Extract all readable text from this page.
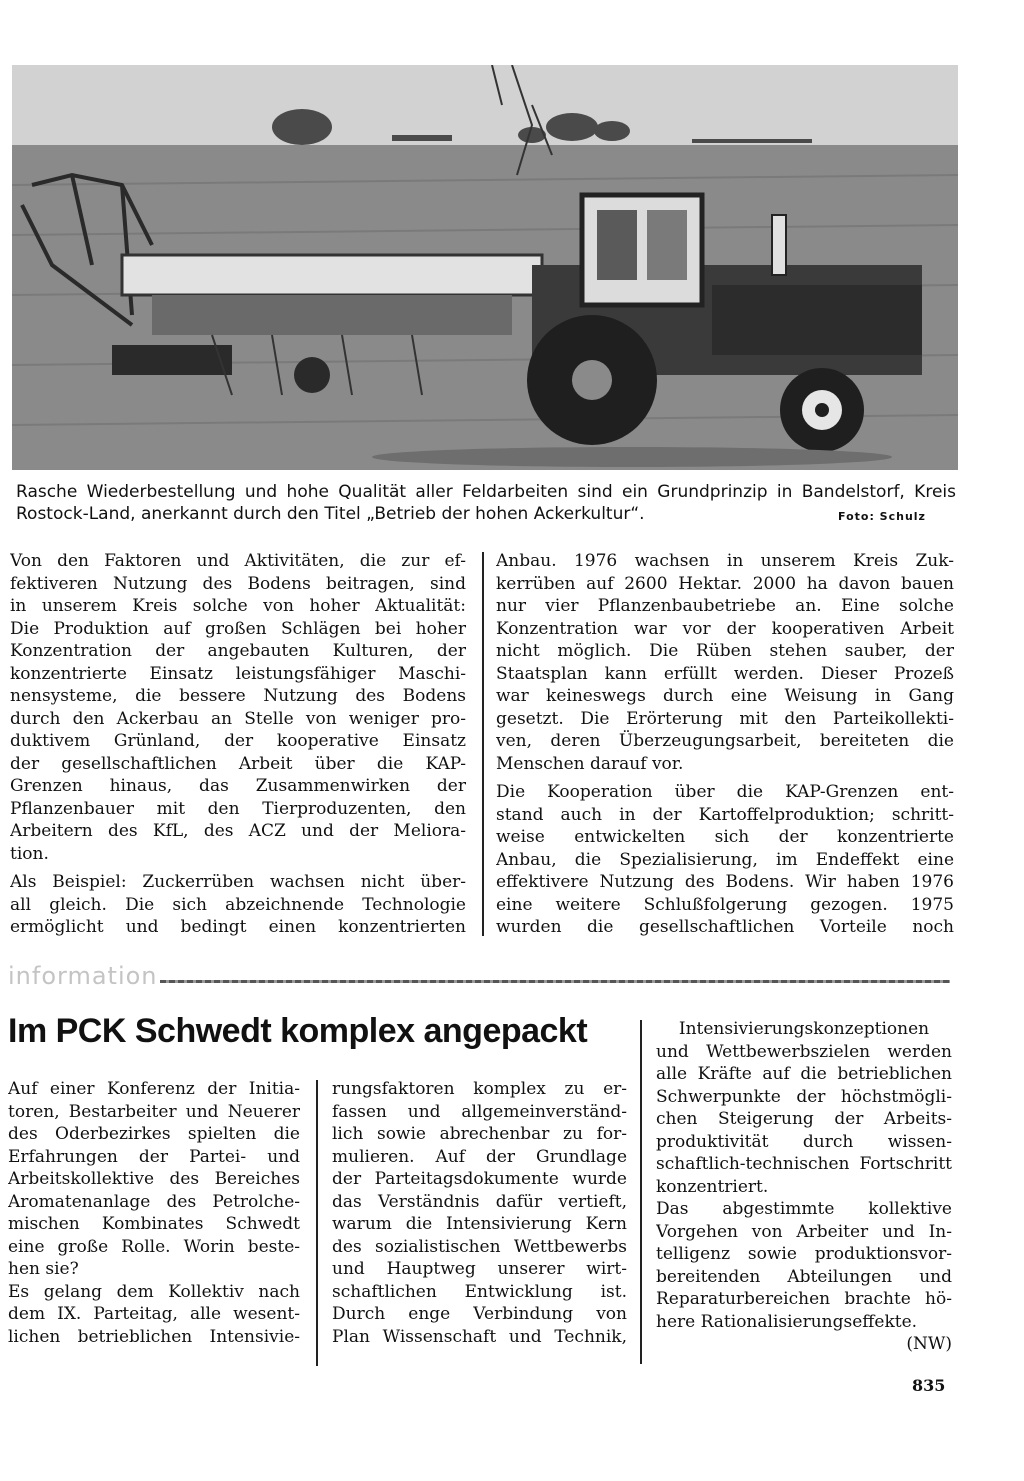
Rasche Wiederbestellung und hohe Qualität aller Feldarbeiten sind ein Grundprinzip in Bandelstorf, Kreis
Rostock-Land, anerkannt durch den Titel „Betrieb der hohen Ackerkultur“.	Foto: Schulz
Von den Faktoren und Aktivitäten, die zur ef-
fektiveren Nutzung des Bodens beitragen, sind
in unserem Kreis solche von hoher Aktualität:
Die Produktion auf großen Schlägen bei hoher
Konzentration der angebauten Kulturen, der
konzentrierte Einsatz leistungsfähiger Maschi-
nensysteme, die bessere Nutzung des Bodens
durch den Ackerbau an Stelle von weniger pro-
duktivem Grünland, der kooperative Einsatz
der gesellschaftlichen Arbeit über die KAP-
Grenzen hinaus, das Zusammenwirken der
Pflanzenbauer mit den Tierproduzenten, den
Arbeitern des KfL, des ACZ und der Meliora-
tion.
Als Beispiel: Zuckerrüben wachsen nicht über-
all gleich. Die sich abzeichnende Technologie
ermöglicht und bedingt einen konzentrierten
Anbau. 1976 wachsen in unserem Kreis Zuk-
kerrüben auf 2600 Hektar. 2000 ha davon bauen
nur vier Pflanzenbaubetriebe an. Eine solche
Konzentration war vor der kooperativen Arbeit
nicht möglich. Die Rüben stehen sauber, der
Staatsplan kann erfüllt werden. Dieser Prozeß
war keineswegs durch eine Weisung in Gang
gesetzt. Die Erörterung mit den Parteikollekti-
ven, deren Überzeugungsarbeit, bereiteten die
Menschen darauf vor.
Die Kooperation über die KAP-Grenzen ent-
stand auch in der Kartoffelproduktion; schritt-
weise entwickelten sich der konzentrierte
Anbau, die Spezialisierung, im Endeffekt eine
effektivere Nutzung des Bodens. Wir haben 1976
eine weitere Schlußfolgerung gezogen. 1975
wurden die gesellschaftlichen Vorteile noch
information
Im PCK Schwedt komplex angepackt
Auf einer Konferenz der Initia-
toren, Bestarbeiter und Neuerer
des Oderbezirkes spielten die
Erfahrungen der Partei- und
Arbeitskollektive des Bereiches
Aromatenanlage des Petrolche-
mischen Kombinates Schwedt
eine große Rolle. Worin beste-
hen sie?
Es gelang dem Kollektiv nach
dem IX. Parteitag, alle wesent-
lichen betrieblichen Intensivie-
rungsfaktoren komplex zu er-
fassen und allgemeinverständ-
lich sowie abrechenbar zu for-
mulieren. Auf der Grundlage
der Parteitagsdokumente wurde
das Verständnis dafür vertieft,
warum die Intensivierung Kern
des sozialistischen Wettbewerbs
und Hauptweg unserer wirt-
schaftlichen Entwicklung ist.
Durch enge Verbindung von
Plan Wissenschaft und Technik,
Intensivierungskonzeptionen
und Wettbewerbszielen werden
alle Kräfte auf die betrieblichen
Schwerpunkte der höchstmögli-
chen Steigerung der Arbeits-
produktivität durch wissen-
schaftlich-technischen Fortschritt
konzentriert.
Das abgestimmte kollektive
Vorgehen von Arbeiter und In-
telligenz sowie produktionsvor-
bereitenden Abteilungen und
Reparaturbereichen brachte hö-
here Rationalisierungseffekte.
(NW)
835
